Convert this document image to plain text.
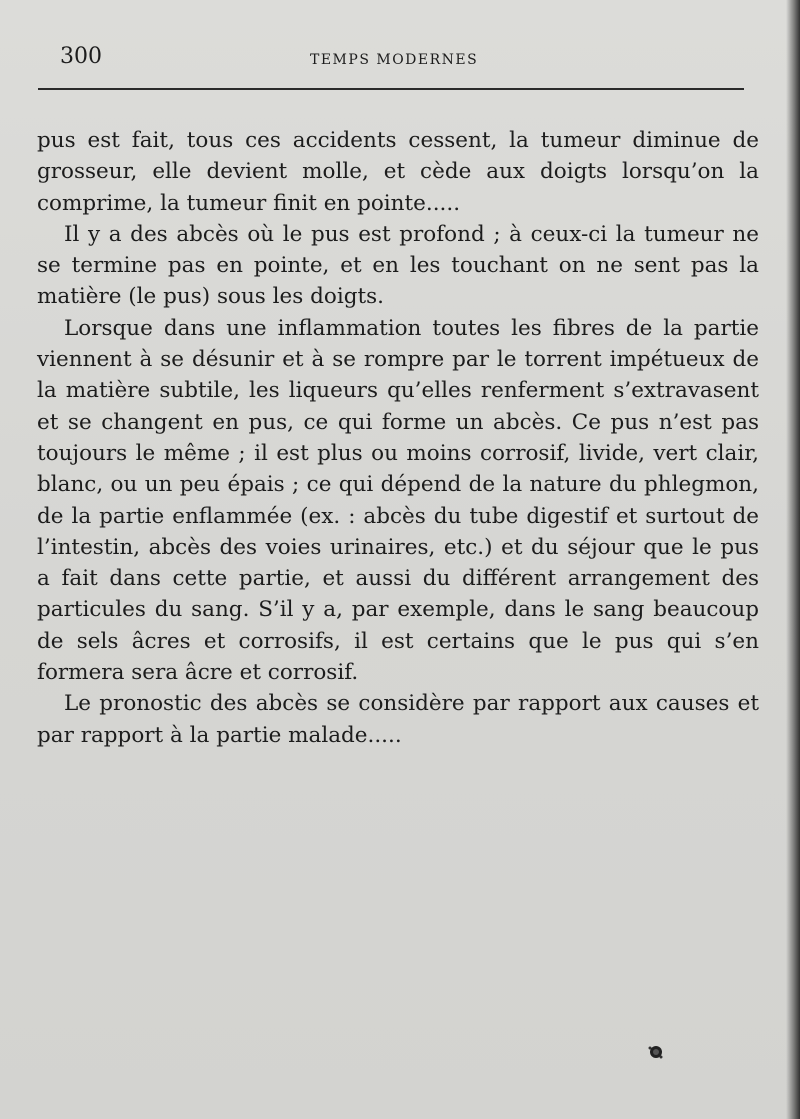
300	TEMPS MODERNES

pus est fait, tous ces accidents cessent, la tumeur diminue de grosseur, elle devient molle, et cède aux doigts lorsqu’on la comprime, la tumeur finit en pointe.....

Il y a des abcès où le pus est profond ; à ceux-ci la tumeur ne se termine pas en pointe, et en les touchant on ne sent pas la matière (le pus) sous les doigts.

Lorsque dans une inflammation toutes les fibres de la partie viennent à se désunir et à se rompre par le torrent impétueux de la matière subtile, les liqueurs qu’elles renferment s’extravasent et se changent en pus, ce qui forme un abcès. Ce pus n’est pas toujours le même ; il est plus ou moins corrosif, livide, vert clair, blanc, ou un peu épais ; ce qui dépend de la nature du phlegmon, de la partie enflammée (ex. : abcès du tube digestif et surtout de l’intestin, abcès des voies urinaires, etc.) et du séjour que le pus a fait dans cette partie, et aussi du différent arrangement des particules du sang. S’il y a, par exemple, dans le sang beaucoup de sels âcres et corrosifs, il est certains que le pus qui s’en formera sera âcre et corrosif.

Le pronostic des abcès se considère par rapport aux causes et par rapport à la partie malade.....
